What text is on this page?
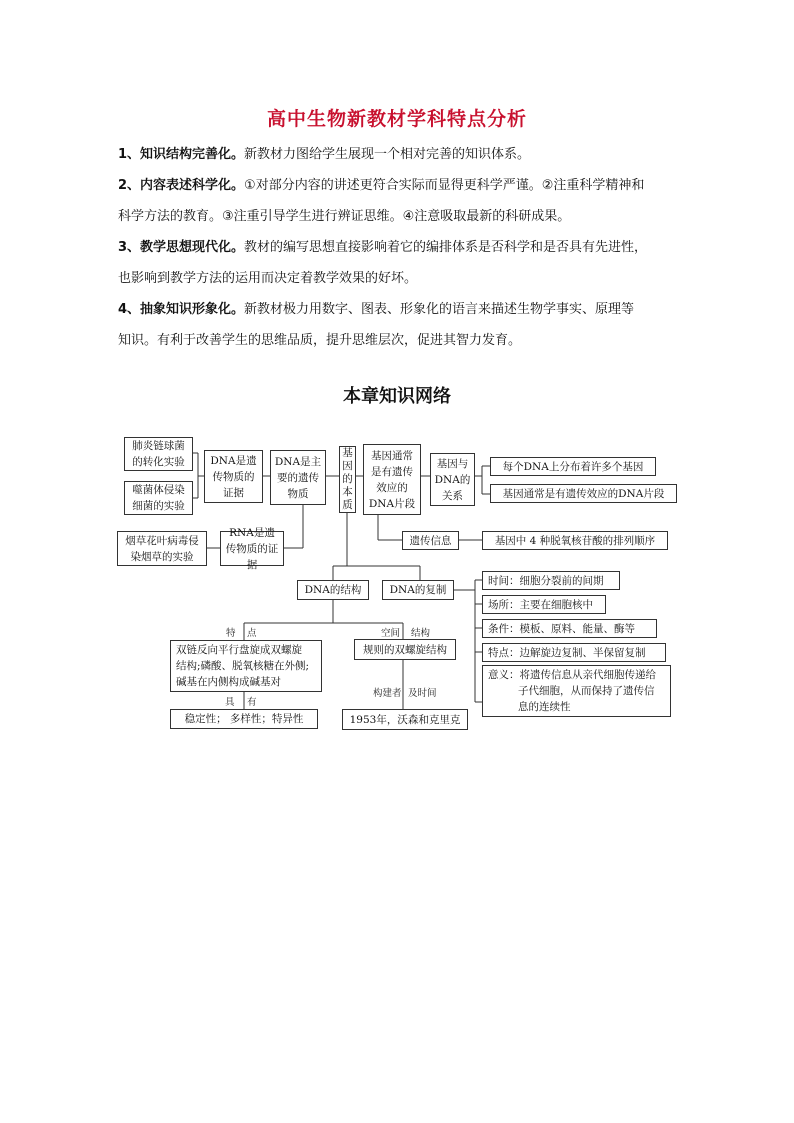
高中生物新教材学科特点分析
1、知识结构完善化。新教材力图给学生展现一个相对完善的知识体系。
2、内容表述科学化。①对部分内容的讲述更符合实际而显得更科学严谨。②注重科学精神和
科学方法的教育。③注重引导学生进行辨证思维。④注意吸取最新的科研成果。
3、教学思想现代化。教材的编写思想直接影响着它的编排体系是否科学和是否具有先进性，
也影响到教学方法的运用而决定着教学效果的好坏。
4、抽象知识形象化。新教材极力用数字、图表、形象化的语言来描述生物学事实、原理等
知识。有利于改善学生的思维品质，提升思维层次，促进其智力发育。
本章知识网络
肺炎链球菌
的转化实验
噬菌体侵染
细菌的实验
烟草花叶病毒侵
染烟草的实验
DNA是遗
传物质的
证据
RNA是遗
传物质的证据
DNA是主
要的遗传
物质
基
因
的
本
质
基因通常
是有遗传
效应的
DNA片段
基因与
DNA的
关系
每个DNA上分布着许多个基因
基因通常是有遗传效应的DNA片段
遗传信息	基因中 4 种脱氧核苷酸的排列顺序
DNA的结构	DNA的复制
时间：细胞分裂前的间期
场所：主要在细胞核中
条件：模板、原料、能量、酶等
特点：边解旋边复制、半保留复制
意义：将遗传信息从亲代细胞传递给
子代细胞，从而保持了遗传信
息的连续性
特 点	空间 结构
双链反向平行盘旋成双螺旋
结构;磷酸、脱氧核糖在外侧;
碱基在内侧构成碱基对
规则的双螺旋结构
具 有
构建者 及时间
稳定性； 多样性；特异性	1953年，沃森和克里克
